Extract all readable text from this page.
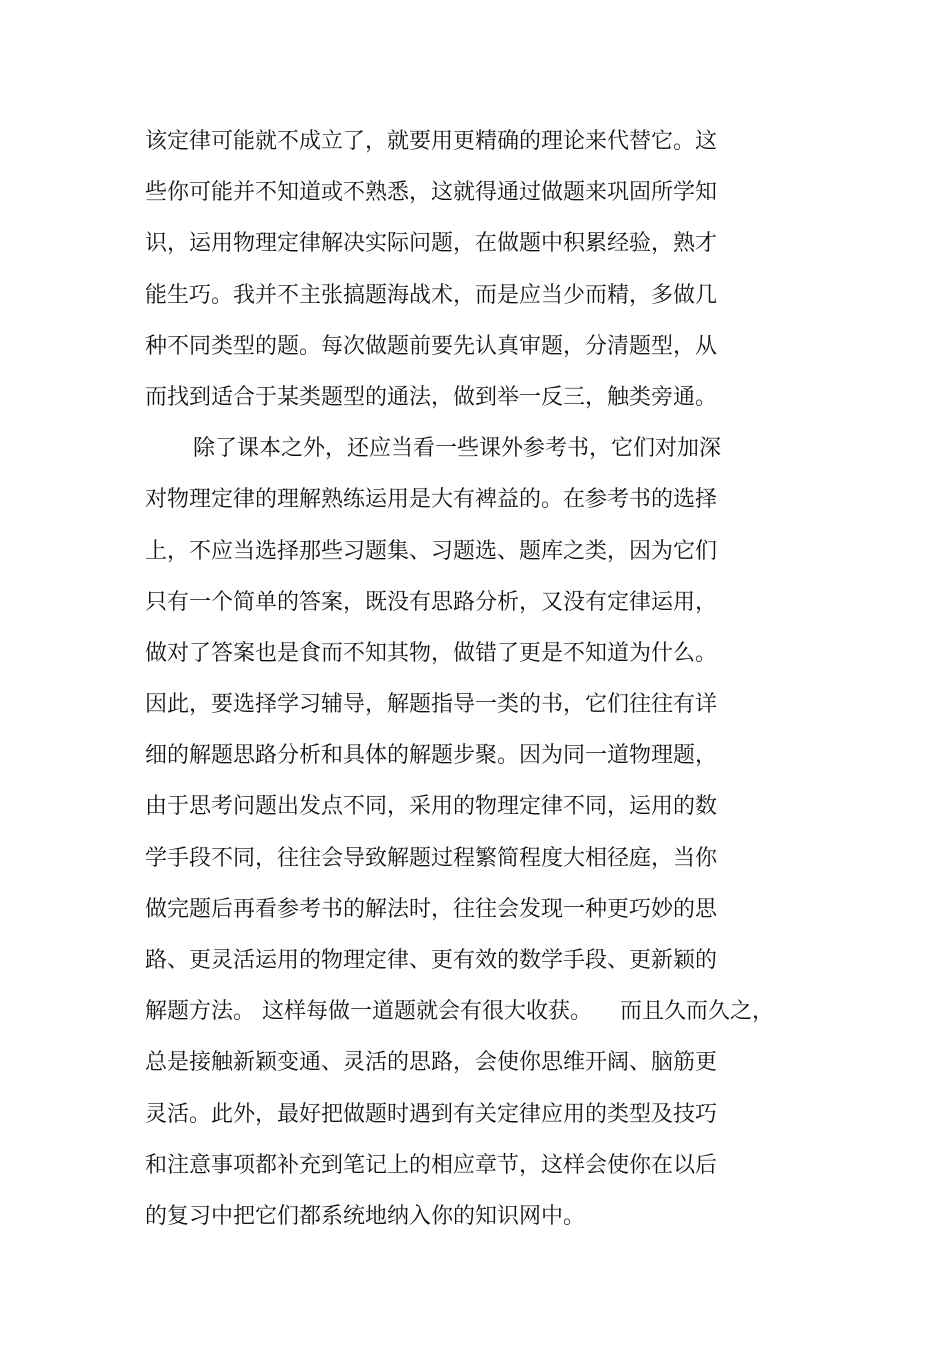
该定律可能就不成立了，就要用更精确的理论来代替它。这
些你可能并不知道或不熟悉，这就得通过做题来巩固所学知
识，运用物理定律解决实际问题，在做题中积累经验，熟才
能生巧。我并不主张搞题海战术，而是应当少而精，多做几
种不同类型的题。每次做题前要先认真审题，分清题型，从
而找到适合于某类题型的通法，做到举一反三，触类旁通。
除了课本之外，还应当看一些课外参考书，它们对加深
对物理定律的理解熟练运用是大有裨益的。在参考书的选择
上，不应当选择那些习题集、习题选、题库之类，因为它们
只有一个简单的答案，既没有思路分析，又没有定律运用，
做对了答案也是食而不知其物，做错了更是不知道为什么。
因此，要选择学习辅导，解题指导一类的书，它们往往有详
细的解题思路分析和具体的解题步聚。因为同一道物理题，
由于思考问题出发点不同，采用的物理定律不同，运用的数
学手段不同，往往会导致解题过程繁简程度大相径庭，当你
做完题后再看参考书的解法时，往往会发现一种更巧妙的思
路、更灵活运用的物理定律、更有效的数学手段、更新颖的
解题方法。 这样每做一道题就会有很大收获。    而且久而久之，
总是接触新颖变通、灵活的思路，会使你思维开阔、脑筋更
灵活。此外，最好把做题时遇到有关定律应用的类型及技巧
和注意事项都补充到笔记上的相应章节，这样会使你在以后
的复习中把它们都系统地纳入你的知识网中。
